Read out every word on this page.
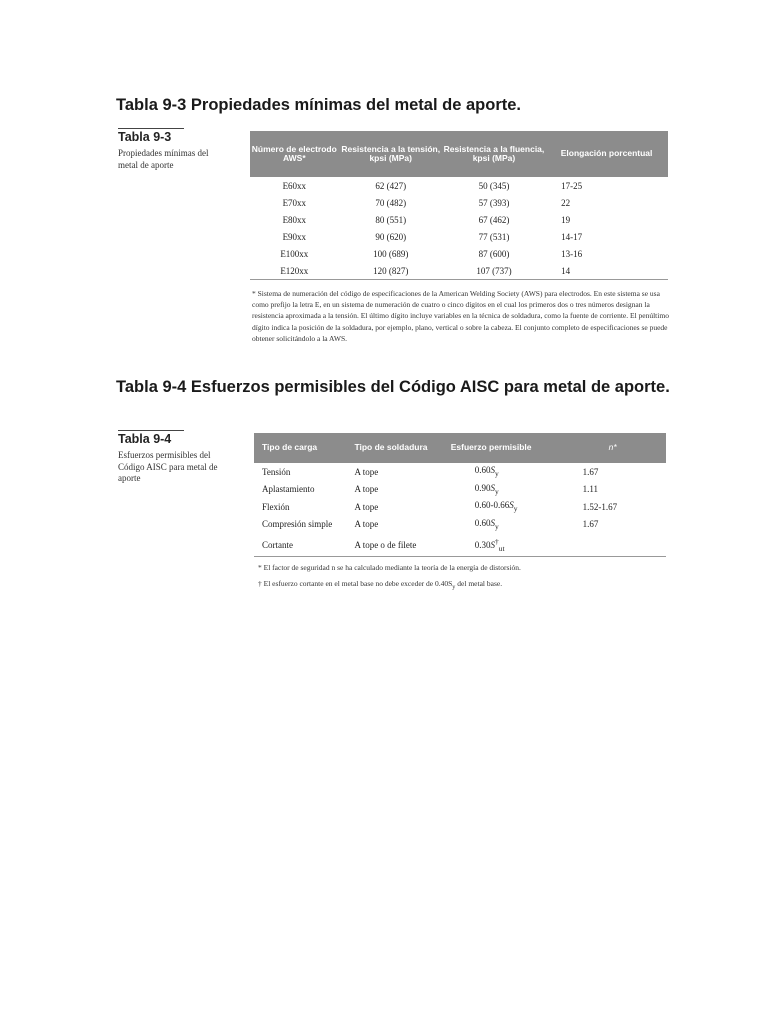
Tabla 9-3 Propiedades mínimas del metal de aporte.
Tabla 9-3
Propiedades mínimas del metal de aporte
Número de electrodo AWS*	Resistencia a la tensión, kpsi (MPa)	Resistencia a la fluencia, kpsi (MPa)	Elongación porcentual
E60xx	62 (427)	50 (345)	17-25
E70xx	70 (482)	57 (393)	22
E80xx	80 (551)	67 (462)	19
E90xx	90 (620)	77 (531)	14-17
E100xx	100 (689)	87 (600)	13-16
E120xx	120 (827)	107 (737)	14
* Sistema de numeración del código de especificaciones de la American Welding Society (AWS) para electrodos. En este sistema se usa como prefijo la letra E, en un sistema de numeración de cuatro o cinco dígitos en el cual los primeros dos o tres números designan la resistencia aproximada a la tensión. El último dígito incluye variables en la técnica de soldadura, como la fuente de corriente. El penúltimo dígito indica la posición de la soldadura, por ejemplo, plano, vertical o sobre la cabeza. El conjunto completo de especificaciones se puede obtener solicitándolo a la AWS.
Tabla 9-4 Esfuerzos permisibles del Código AISC para metal de aporte.
Tabla 9-4
Esfuerzos permisibles del Código AISC para metal de aporte
Tipo de carga	Tipo de soldadura	Esfuerzo permisible	n*
Tensión	A tope	$0.60S_y$	1.67
Aplastamiento	A tope	$0.90S_y$	1.11
Flexión	A tope	$0.60-0.66S_y$	1.52-1.67
Compresión simple	A tope	$0.60S_y$	1.67
Cortante	A tope o de filete	$0.30S^\dagger_{ut}$	
* El factor de seguridad n se ha calculado mediante la teoría de la energía de distorsión.
† El esfuerzo cortante en el metal base no debe exceder de $0.40S_y$ del metal base.
